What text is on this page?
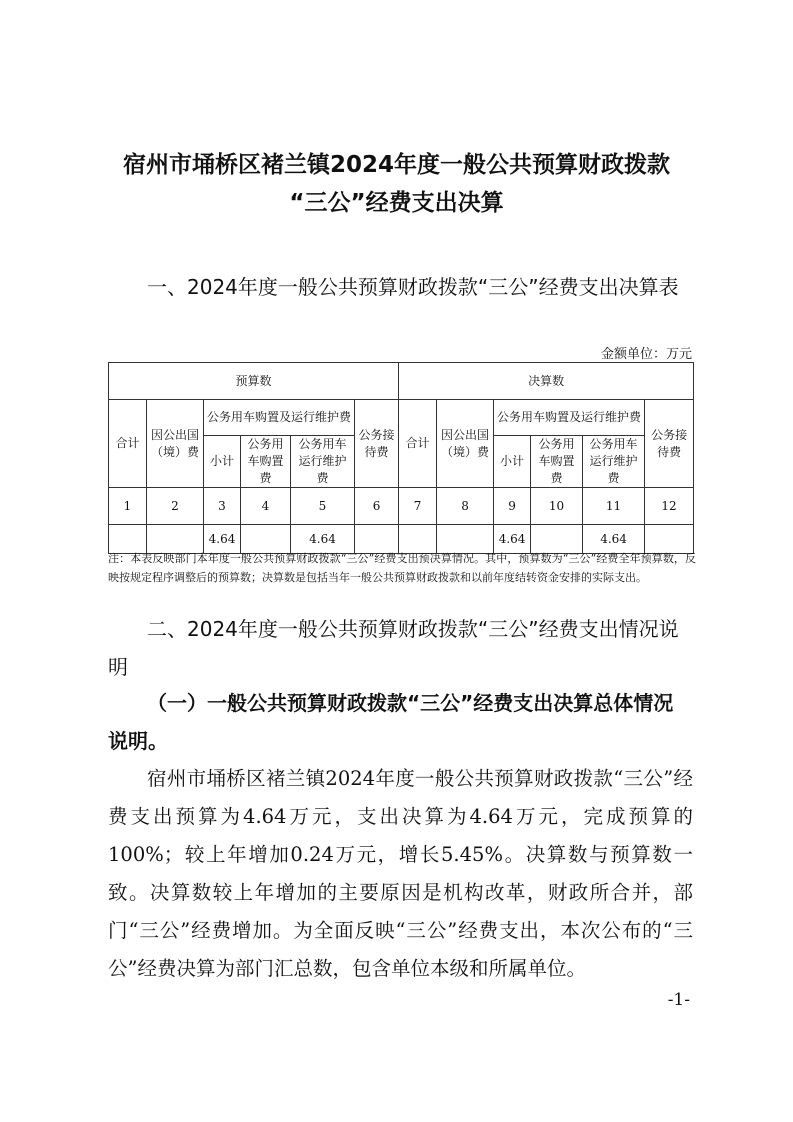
宿州市埇桥区褚兰镇2024年度一般公共预算财政拨款
“三公”经费支出决算
一、2024年度一般公共预算财政拨款“三公”经费支出决算表
金额单位：万元
预算数						决算数					
合计	因公出国（境）费	公务用车购置及运行维护费			公务接待费	合计	因公出国（境）费	公务用车购置及运行维护费			公务接待费
		小计	公务用车购置费	公务用车运行维护费				小计	公务用车购置费	公务用车运行维护费	
1	2	3	4	5	6	7	8	9	10	11	12
		4.64		4.64				4.64		4.64	
注：本表反映部门本年度一般公共预算财政拨款“三公”经费支出预决算情况。其中，预算数为“三公”经费全年预算数，反映按规定程序调整后的预算数；决算数是包括当年一般公共预算财政拨款和以前年度结转资金安排的实际支出。
二、2024年度一般公共预算财政拨款“三公”经费支出情况说明
（一）一般公共预算财政拨款“三公”经费支出决算总体情况说明。
宿州市埇桥区褚兰镇2024年度一般公共预算财政拨款“三公”经费支出预算为4.64万元，支出决算为4.64万元，完成预算的100%；较上年增加0.24万元，增长5.45%。决算数与预算数一致。决算数较上年增加的主要原因是机构改革，财政所合并，部门“三公”经费增加。为全面反映“三公”经费支出，本次公布的“三公”经费决算为部门汇总数，包含单位本级和所属单位。
-1-
